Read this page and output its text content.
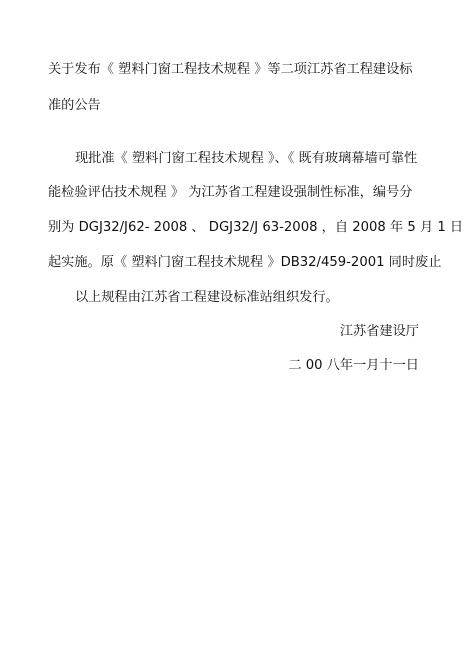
关于发布《 塑料门窗工程技术规程 》等二项江苏省工程建设标
准的公告
现批准《 塑料门窗工程技术规程 》、《 既有玻璃幕墙可靠性
能检验评估技术规程 》 为江苏省工程建设强制性标准，编号分
别为 DGJ32/J62- 2008 、 DGJ32/J 63-2008 ，自 2008 年 5 月 1 日
起实施。原《 塑料门窗工程技术规程 》DB32/459-2001 同时废止
以上规程由江苏省工程建设标准站组织发行。
江苏省建设厅
二 00 八年一月十一日
